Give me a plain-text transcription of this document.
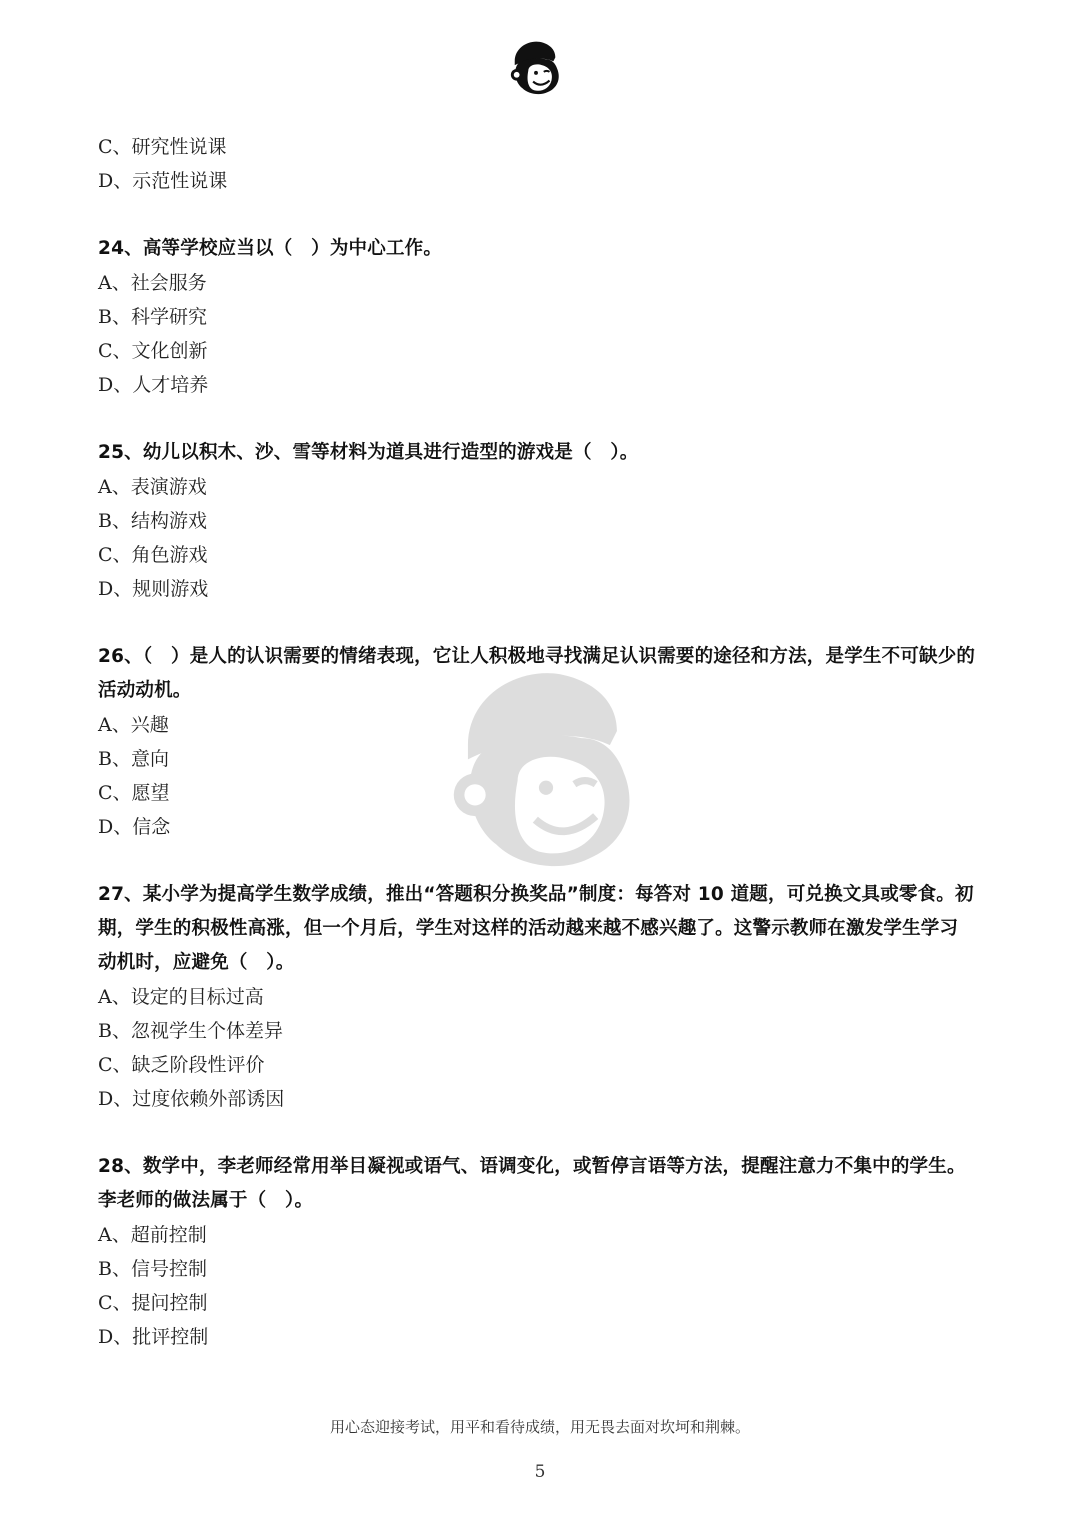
C、研究性说课
D、示范性说课
24、高等学校应当以（　）为中心工作。
A、社会服务
B、科学研究
C、文化创新
D、人才培养
25、幼儿以积木、沙、雪等材料为道具进行造型的游戏是（　）。
A、表演游戏
B、结构游戏
C、角色游戏
D、规则游戏
26、（　）是人的认识需要的情绪表现，它让人积极地寻找满足认识需要的途径和方法，是学生不可缺少的
活动动机。
A、兴趣
B、意向
C、愿望
D、信念
27、某小学为提高学生数学成绩，推出“答题积分换奖品”制度：每答对 10 道题，可兑换文具或零食。初
期，学生的积极性高涨，但一个月后，学生对这样的活动越来越不感兴趣了。这警示教师在激发学生学习
动机时，应避免（　）。
A、设定的目标过高
B、忽视学生个体差异
C、缺乏阶段性评价
D、过度依赖外部诱因
28、数学中，李老师经常用举目凝视或语气、语调变化，或暂停言语等方法，提醒注意力不集中的学生。
李老师的做法属于（　）。
A、超前控制
B、信号控制
C、提问控制
D、批评控制
用心态迎接考试，用平和看待成绩，用无畏去面对坎坷和荆棘。
5
